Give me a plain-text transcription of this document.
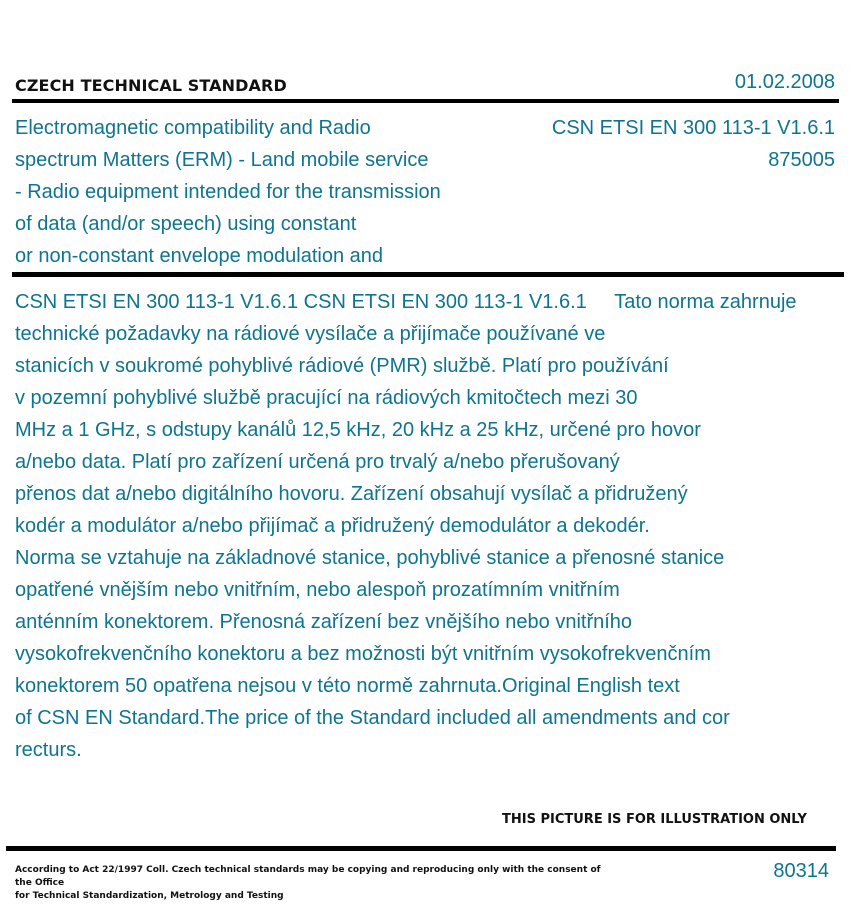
CZECH TECHNICAL STANDARD	01.02.2008
Electromagnetic compatibility and Radio
spectrum Matters (ERM) - Land mobile service
- Radio equipment intended for the transmission
of data (and/or speech) using constant
or non-constant envelope modulation and
CSN ETSI EN 300 113-1 V1.6.1
875005
CSN ETSI EN 300 113-1 V1.6.1 CSN ETSI EN 300 113-1 V1.6.1     Tato norma zahrnuje
technické požadavky na rádiové vysílače a přijímače používané ve
stanicích v soukromé pohyblivé rádiové (PMR) službě. Platí pro používání
v pozemní pohyblivé službě pracující na rádiových kmitočtech mezi 30
MHz a 1 GHz, s odstupy kanálů 12,5 kHz, 20 kHz a 25 kHz, určené pro hovor
a/nebo data. Platí pro zařízení určená pro trvalý a/nebo přerušovaný
přenos dat a/nebo digitálního hovoru. Zařízení obsahují vysílač a přidružený
kodér a modulátor a/nebo přijímač a přidružený demodulátor a dekodér.
Norma se vztahuje na základnové stanice, pohyblivé stanice a přenosné stanice
opatřené vnějším nebo vnitřním, nebo alespoň prozatímním vnitřním
anténním konektorem. Přenosná zařízení bez vnějšího nebo vnitřního
vysokofrekvenčního konektoru a bez možnosti být vnitřním vysokofrekvenčním
konektorem 50 opatřena nejsou v této normě zahrnuta.Original English text
of CSN EN Standard.The price of the Standard included all amendments and cor
recturs.
THIS PICTURE IS FOR ILLUSTRATION ONLY
According to Act 22/1997 Coll. Czech technical standards may be copying and reproducing only with the consent of the Office
for Technical Standardization, Metrology and Testing
80314
